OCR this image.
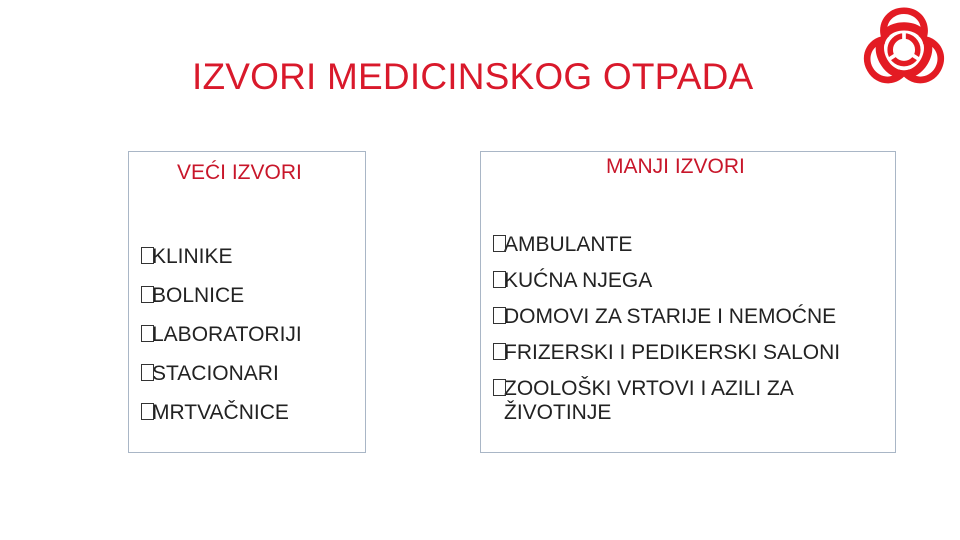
IZVORI MEDICINSKOG OTPADA
VEĆI IZVORI
KLINIKE
BOLNICE
LABORATORIJI
STACIONARI
MRTVAČNICE
MANJI IZVORI
AMBULANTE
KUĆNA NJEGA
DOMOVI ZA STARIJE I NEMOĆNE
FRIZERSKI I PEDIKERSKI SALONI
ZOOLOŠKI VRTOVI I AZILI ZA ŽIVOTINJE
